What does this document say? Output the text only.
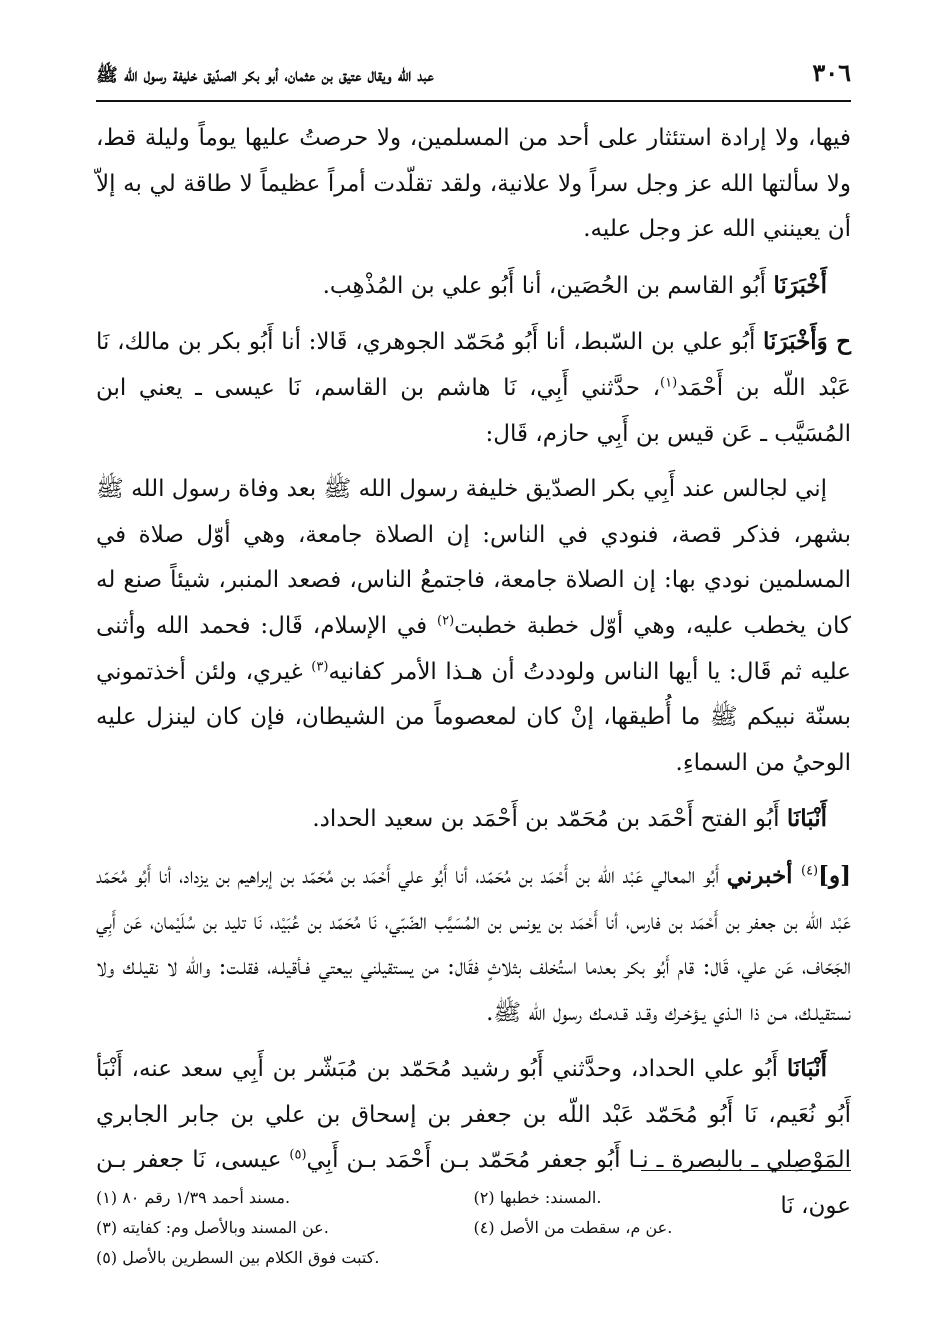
٣٠٦
عبد الله ويقال عتيق بن عثمان، أبو بكر الصدّيق خليفة رسول الله ﷺ

فيها، ولا إرادة استئثار على أحد من المسلمين، ولا حرصتُ عليها يوماً وليلة قط، ولا سألتها الله عز وجل سراً ولا علانية، ولقد تقلّدت أمراً عظيماً لا طاقة لي به إلاّ أن يعينني الله عز وجل عليه.

أَخْبَرَنَا أَبُو القاسم بن الحُصَين، أنا أَبُو علي بن المُذْهِب.

ح وَأَخْبَرَنَا أَبُو علي بن السّبط، أنا أَبُو مُحَمّد الجوهري، قَالا: أنا أَبُو بكر بن مالك، نَا عَبْد اللّه بن أَحْمَد$^{(١)}$، حدَّثني أَبِي، نَا هاشم بن القاسم، نَا عيسى ـ يعني ابن المُسَيَّب ـ عَن قيس بن أَبِي حازم، قَال:

إني لجالس عند أَبِي بكر الصدّيق خليفة رسول الله ﷺ بعد وفاة رسول الله ﷺ بشهر، فذكر قصة، فنودي في الناس: إن الصلاة جامعة، وهي أوّل صلاة في المسلمين نودي بها: إن الصلاة جامعة، فاجتمعُ الناس، فصعد المنبر، شيئاً صنع له كان يخطب عليه، وهي أوّل خطبة خطبت$^{(٢)}$ في الإسلام، قَال: فحمد الله وأثنى عليه ثم قَال: يا أيها الناس ولوددتُ أن هـذا الأمر كفانيه$^{(٣)}$ غيري، ولئن أخذتموني بسنّة نبيكم ﷺ ما أُطيقها، إنْ كان لمعصوماً من الشيطان، فإن كان لينزل عليه الوحيُ من السماءِ.

أَنْبَانَا أَبُو الفتح أَحْمَد بن مُحَمّد بن أَحْمَد بن سعيد الحداد.

[و]$^{(٤)}$ أخبرني أَبُو المعالي عَبْد اللّه بن أَحْمَد بن مُحَمّد، أنا أَبُو علي أَحْمَد بن مُحَمّد بن إبراهيم بن يزداد، أنا أَبُو مُحَمّد عَبْد اللّه بن جعفر بن أَحْمَد بن فارس، أنا أَحْمَد بن يونس بن المُسَيَّب الضّبّي، نَا مُحَمّد بن عُبَيْد، نَا تليد بن سُلَيْمان، عَن أَبِي الجَحّاف، عَن علي، قَال: قام أَبُو بكر بعدما استُخلف بثلاثٍ فقَال: من يستقيلني بيعتي فـأقيلـه، فقلـت: والله لا نقيلـك ولا نستقيلـك، مـن ذا الـذي يـؤخـرك وقـد قـدمـك رسول الله ﷺ.

أَنْبَانَا أَبُو علي الحداد، وحدَّثني أَبُو رشيد مُحَمّد بن مُبَشّر بن أَبِي سعد عنه، أَنْبَأ أَبُو نُعَيم، نَا أَبُو مُحَمّد عَبْد اللّه بن جعفر بن إسحاق بن علي بن جابر الجابري المَوْصِلي ـ بالبصرة ـ نـا أَبُو جعفر مُحَمّد بـن أَحْمَد بـن أَبِي$^{(٥)}$ عيسى، نَا جعفر بـن عون، نَا

(١) مسند أحمد ١/٣٩ رقم ٨٠.	(٢) المسند: خطبها.
(٣) عن المسند وبالأصل وم: كفايته.	(٤) عن م، سقطت من الأصل.
(٥) كتبت فوق الكلام بين السطرين بالأصل.
